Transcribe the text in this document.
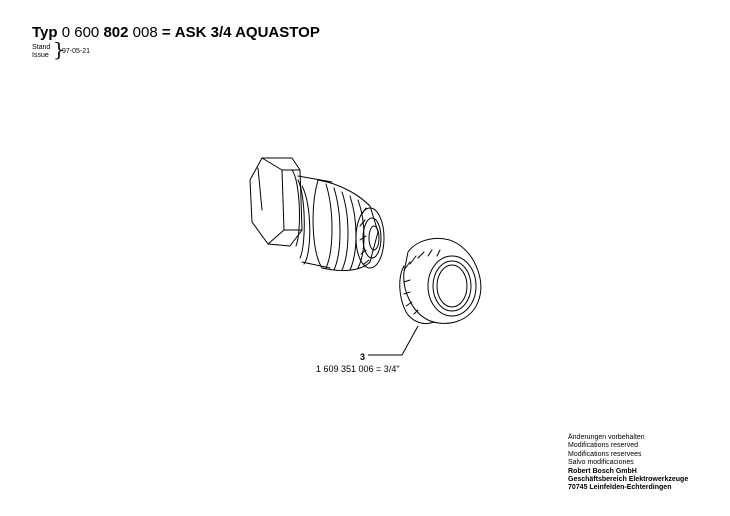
Typ 0 600 802 008 = ASK 3/4 AQUASTOP
Stand
Issue }
97-05-21
3
1 609 351 006 = 3/4"
Änderungen vorbehalten
Modifications reserved
Modifications reservees
Salvo modificaciones
Robert Bosch GmbH
Geschäftsbereich Elektrowerkzeuge
70745 Leinfelden-Echterdingen
